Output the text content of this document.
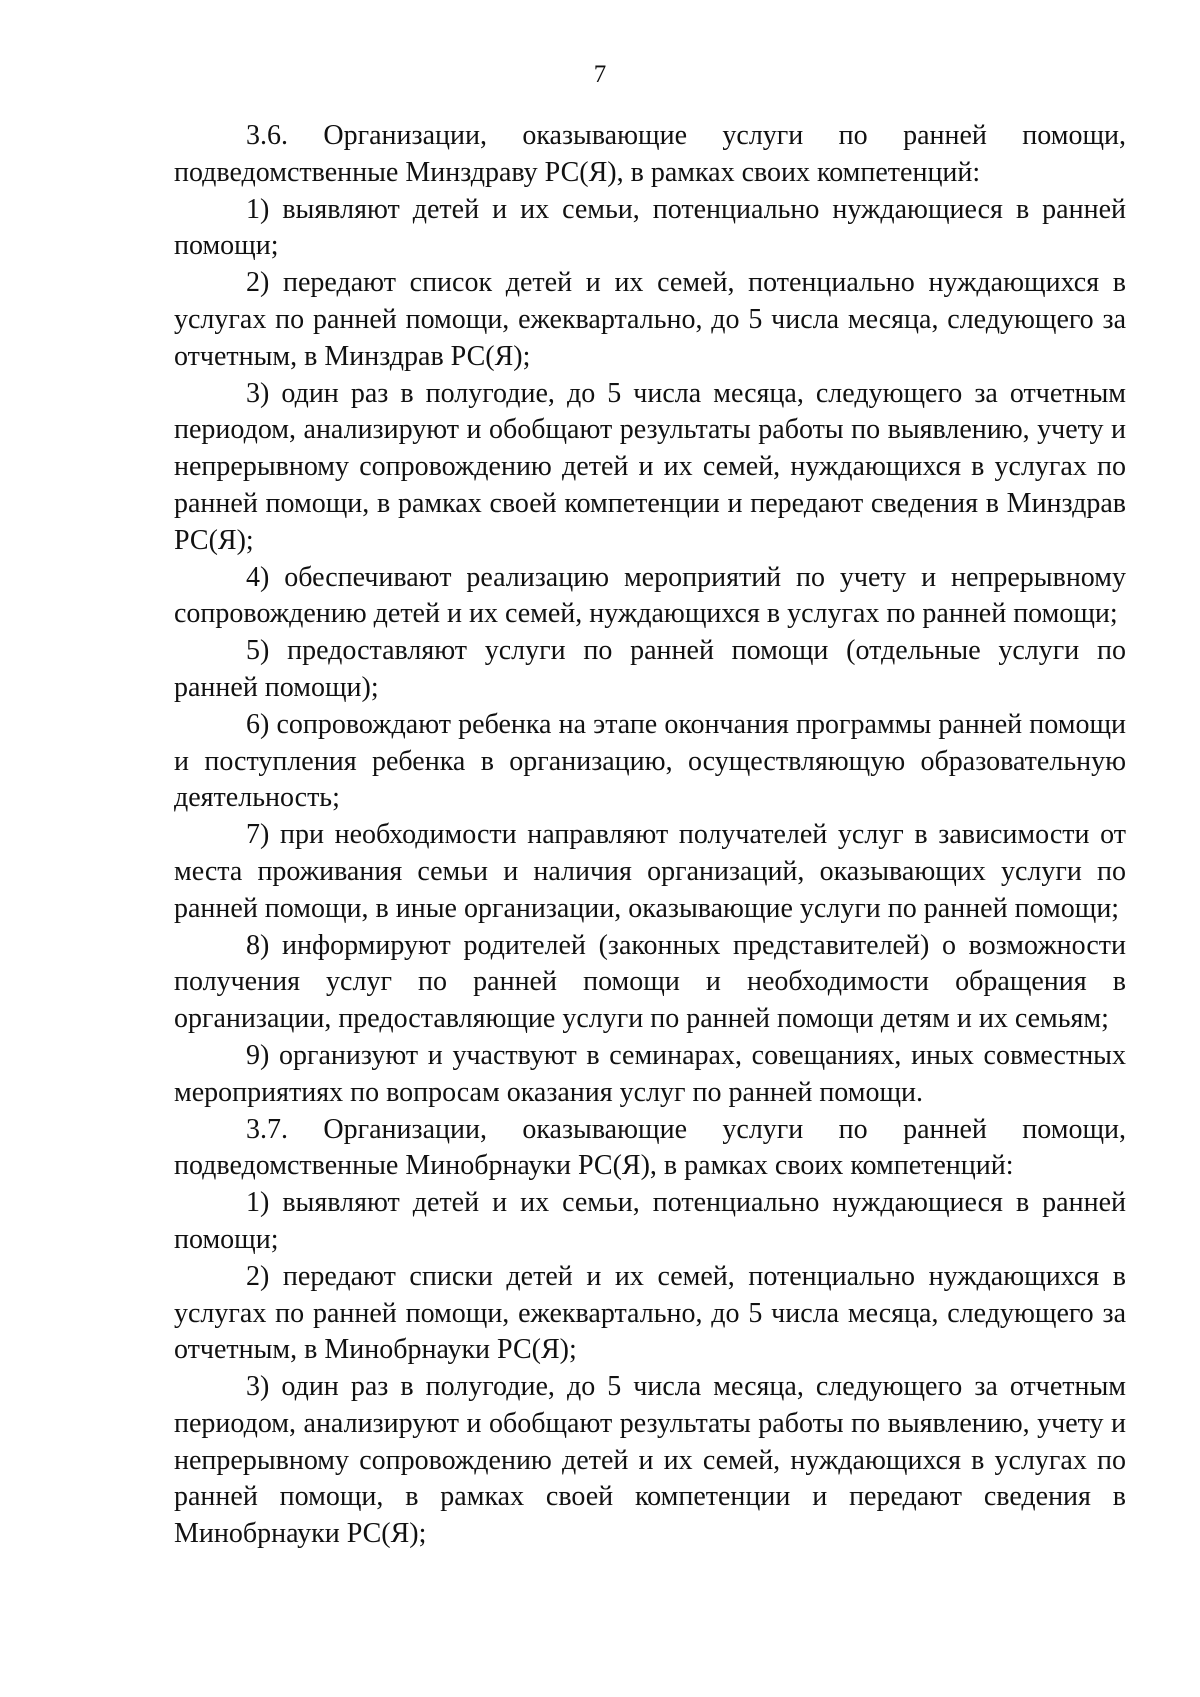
7

3.6. Организации, оказывающие услуги по ранней помощи, подведомственные Минздраву РС(Я), в рамках своих компетенций:

1) выявляют детей и их семьи, потенциально нуждающиеся в ранней помощи;

2) передают список детей и их семей, потенциально нуждающихся в услугах по ранней помощи, ежеквартально, до 5 числа месяца, следующего за отчетным, в Минздрав РС(Я);

3) один раз в полугодие, до 5 числа месяца, следующего за отчетным периодом, анализируют и обобщают результаты работы по выявлению, учету и непрерывному сопровождению детей и их семей, нуждающихся в услугах по ранней помощи, в рамках своей компетенции и передают сведения в Минздрав РС(Я);

4) обеспечивают реализацию мероприятий по учету и непрерывному сопровождению детей и их семей, нуждающихся в услугах по ранней помощи;

5) предоставляют услуги по ранней помощи (отдельные услуги по ранней помощи);

6) сопровождают ребенка на этапе окончания программы ранней помощи и поступления ребенка в организацию, осуществляющую образовательную деятельность;

7) при необходимости направляют получателей услуг в зависимости от места проживания семьи и наличия организаций, оказывающих услуги по ранней помощи, в иные организации, оказывающие услуги по ранней помощи;

8) информируют родителей (законных представителей) о возможности получения услуг по ранней помощи и необходимости обращения в организации, предоставляющие услуги по ранней помощи детям и их семьям;

9) организуют и участвуют в семинарах, совещаниях, иных совместных мероприятиях по вопросам оказания услуг по ранней помощи.

3.7. Организации, оказывающие услуги по ранней помощи, подведомственные Минобрнауки РС(Я), в рамках своих компетенций:

1) выявляют детей и их семьи, потенциально нуждающиеся в ранней помощи;

2) передают списки детей и их семей, потенциально нуждающихся в услугах по ранней помощи, ежеквартально, до 5 числа месяца, следующего за отчетным, в Минобрнауки РС(Я);

3) один раз в полугодие, до 5 числа месяца, следующего за отчетным периодом, анализируют и обобщают результаты работы по выявлению, учету и непрерывному сопровождению детей и их семей, нуждающихся в услугах по ранней помощи, в рамках своей компетенции и передают сведения в Минобрнауки РС(Я);
